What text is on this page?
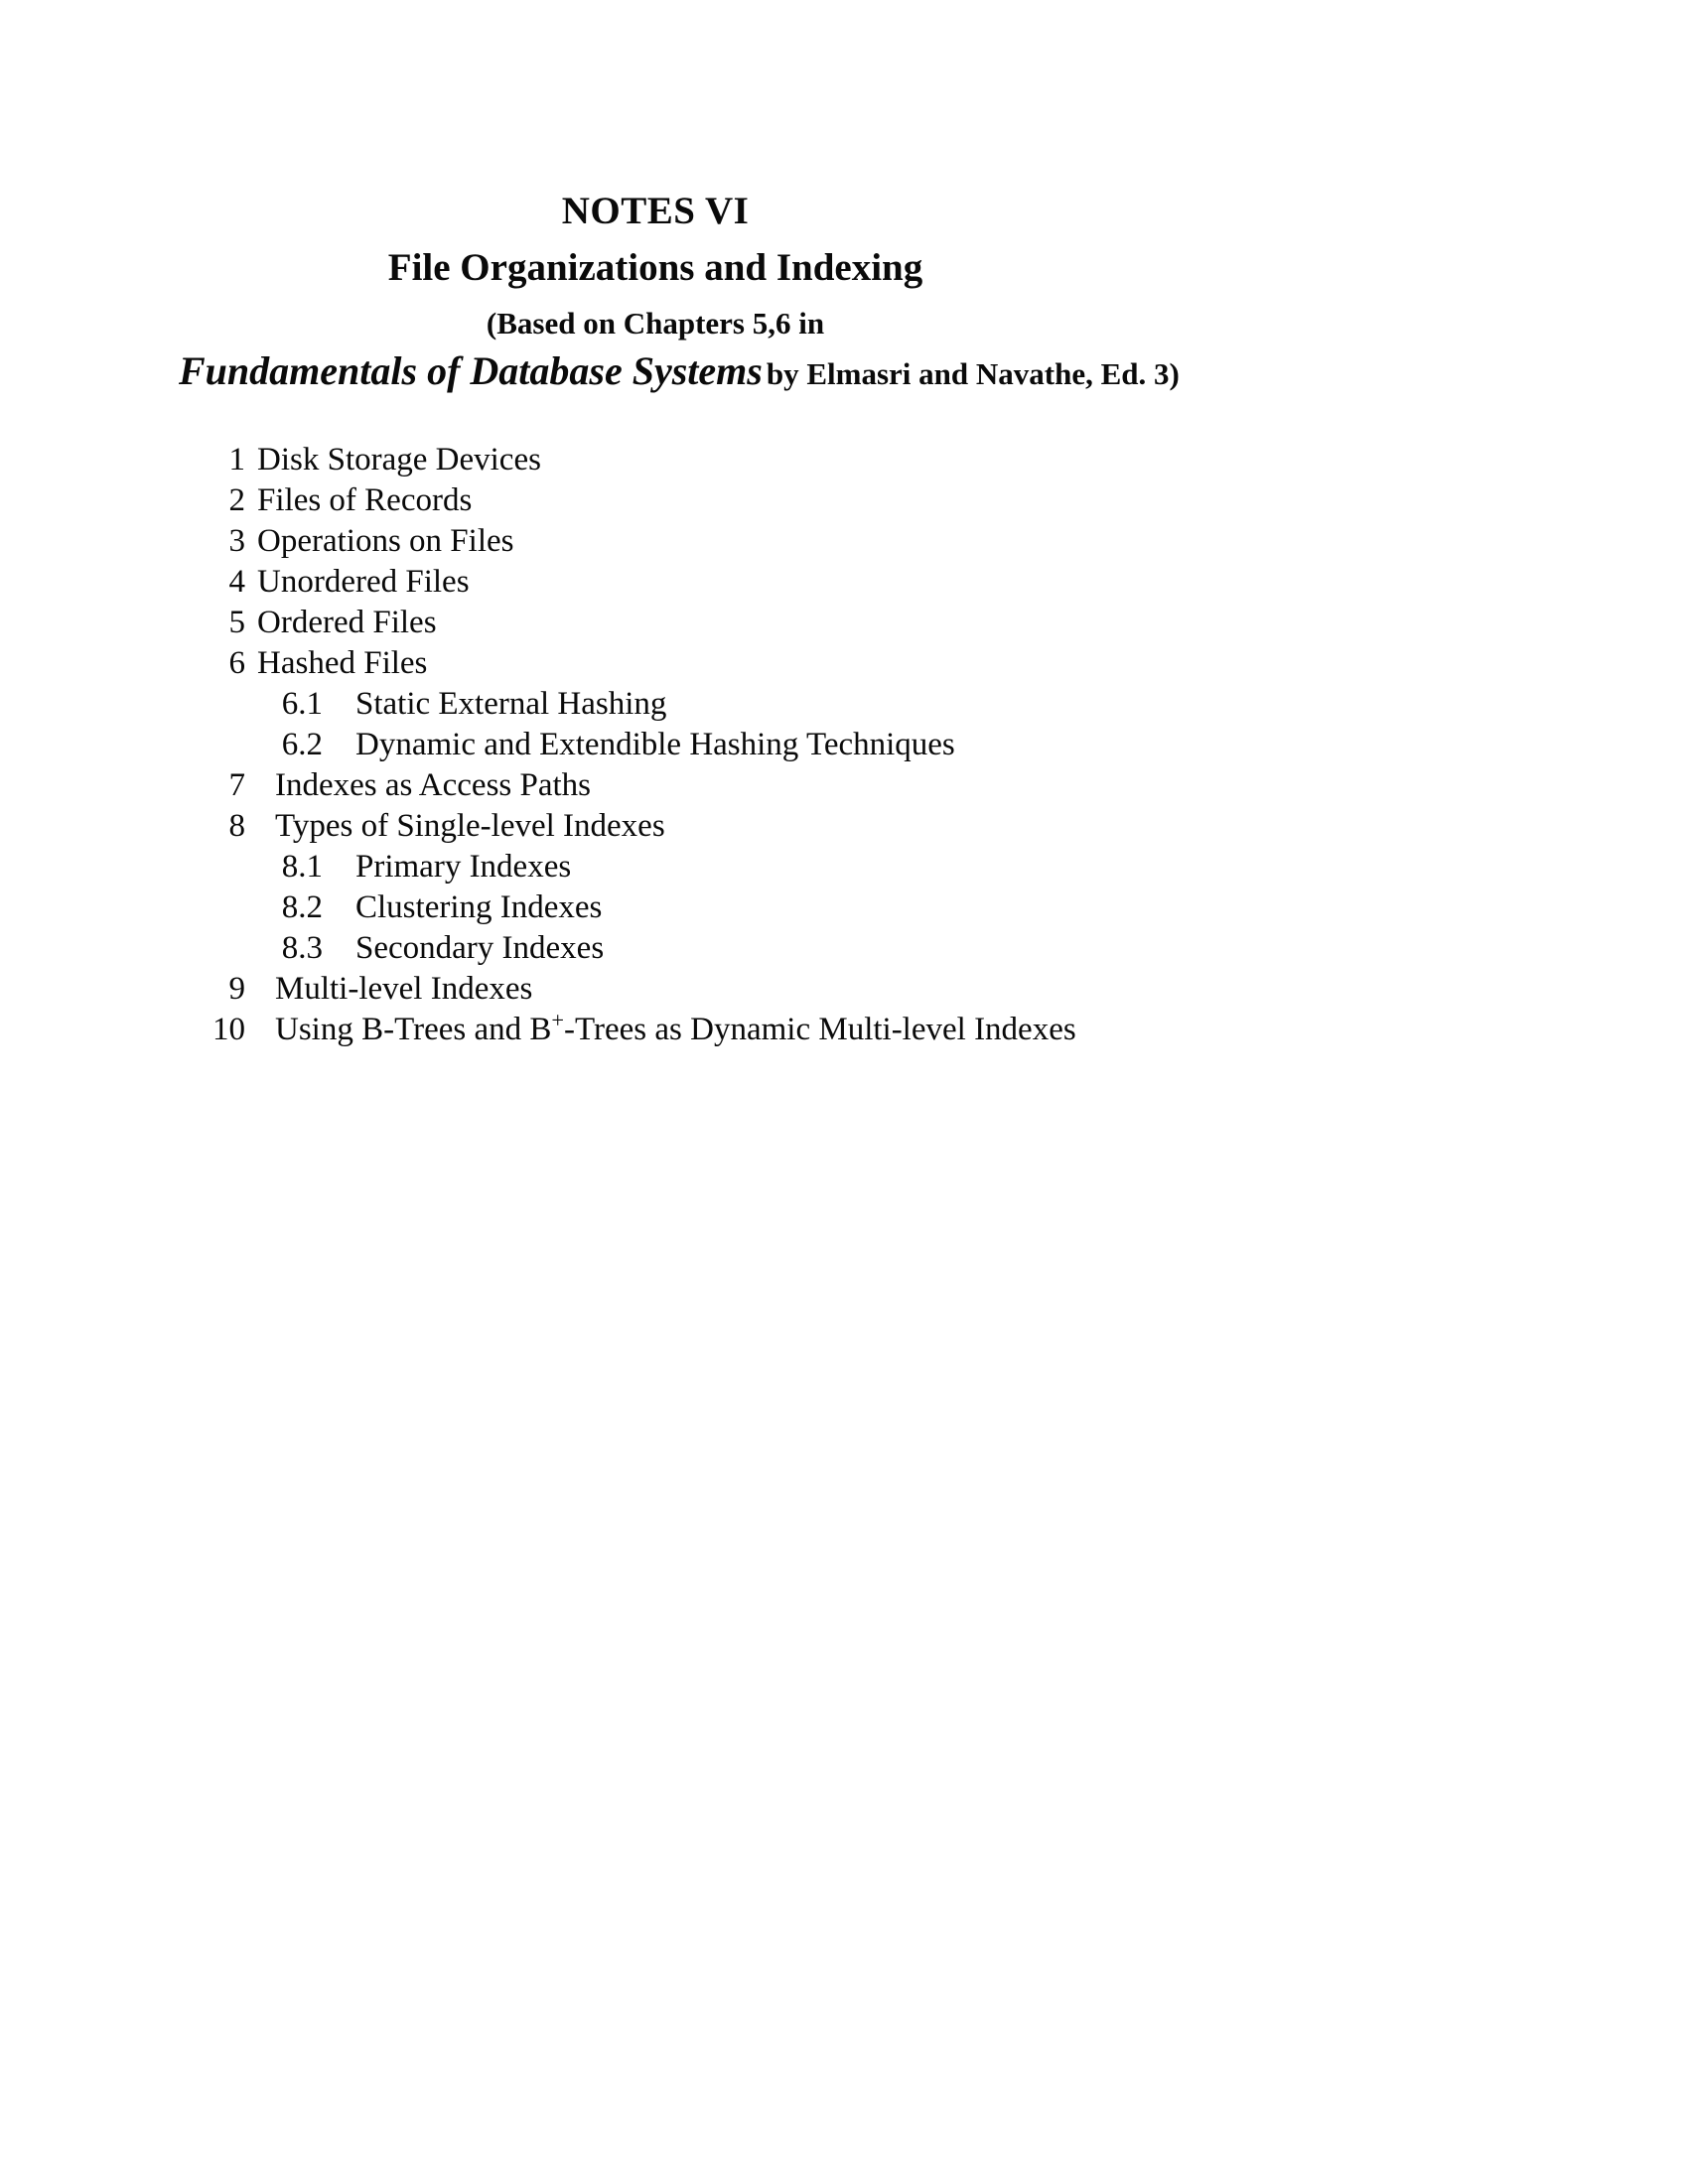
NOTES VI
File Organizations and Indexing
(Based on Chapters 5,6 in
Fundamentals of Database Systems by Elmasri and Navathe, Ed. 3)
1 Disk Storage Devices
2 Files of Records
3 Operations on Files
4 Unordered Files
5 Ordered Files
6 Hashed Files
6.1 Static External Hashing
6.2 Dynamic and Extendible Hashing Techniques
7 Indexes as Access Paths
8 Types of Single-level Indexes
8.1 Primary Indexes
8.2 Clustering Indexes
8.3 Secondary Indexes
9 Multi-level Indexes
10 Using B-Trees and B+-Trees as Dynamic Multi-level Indexes
